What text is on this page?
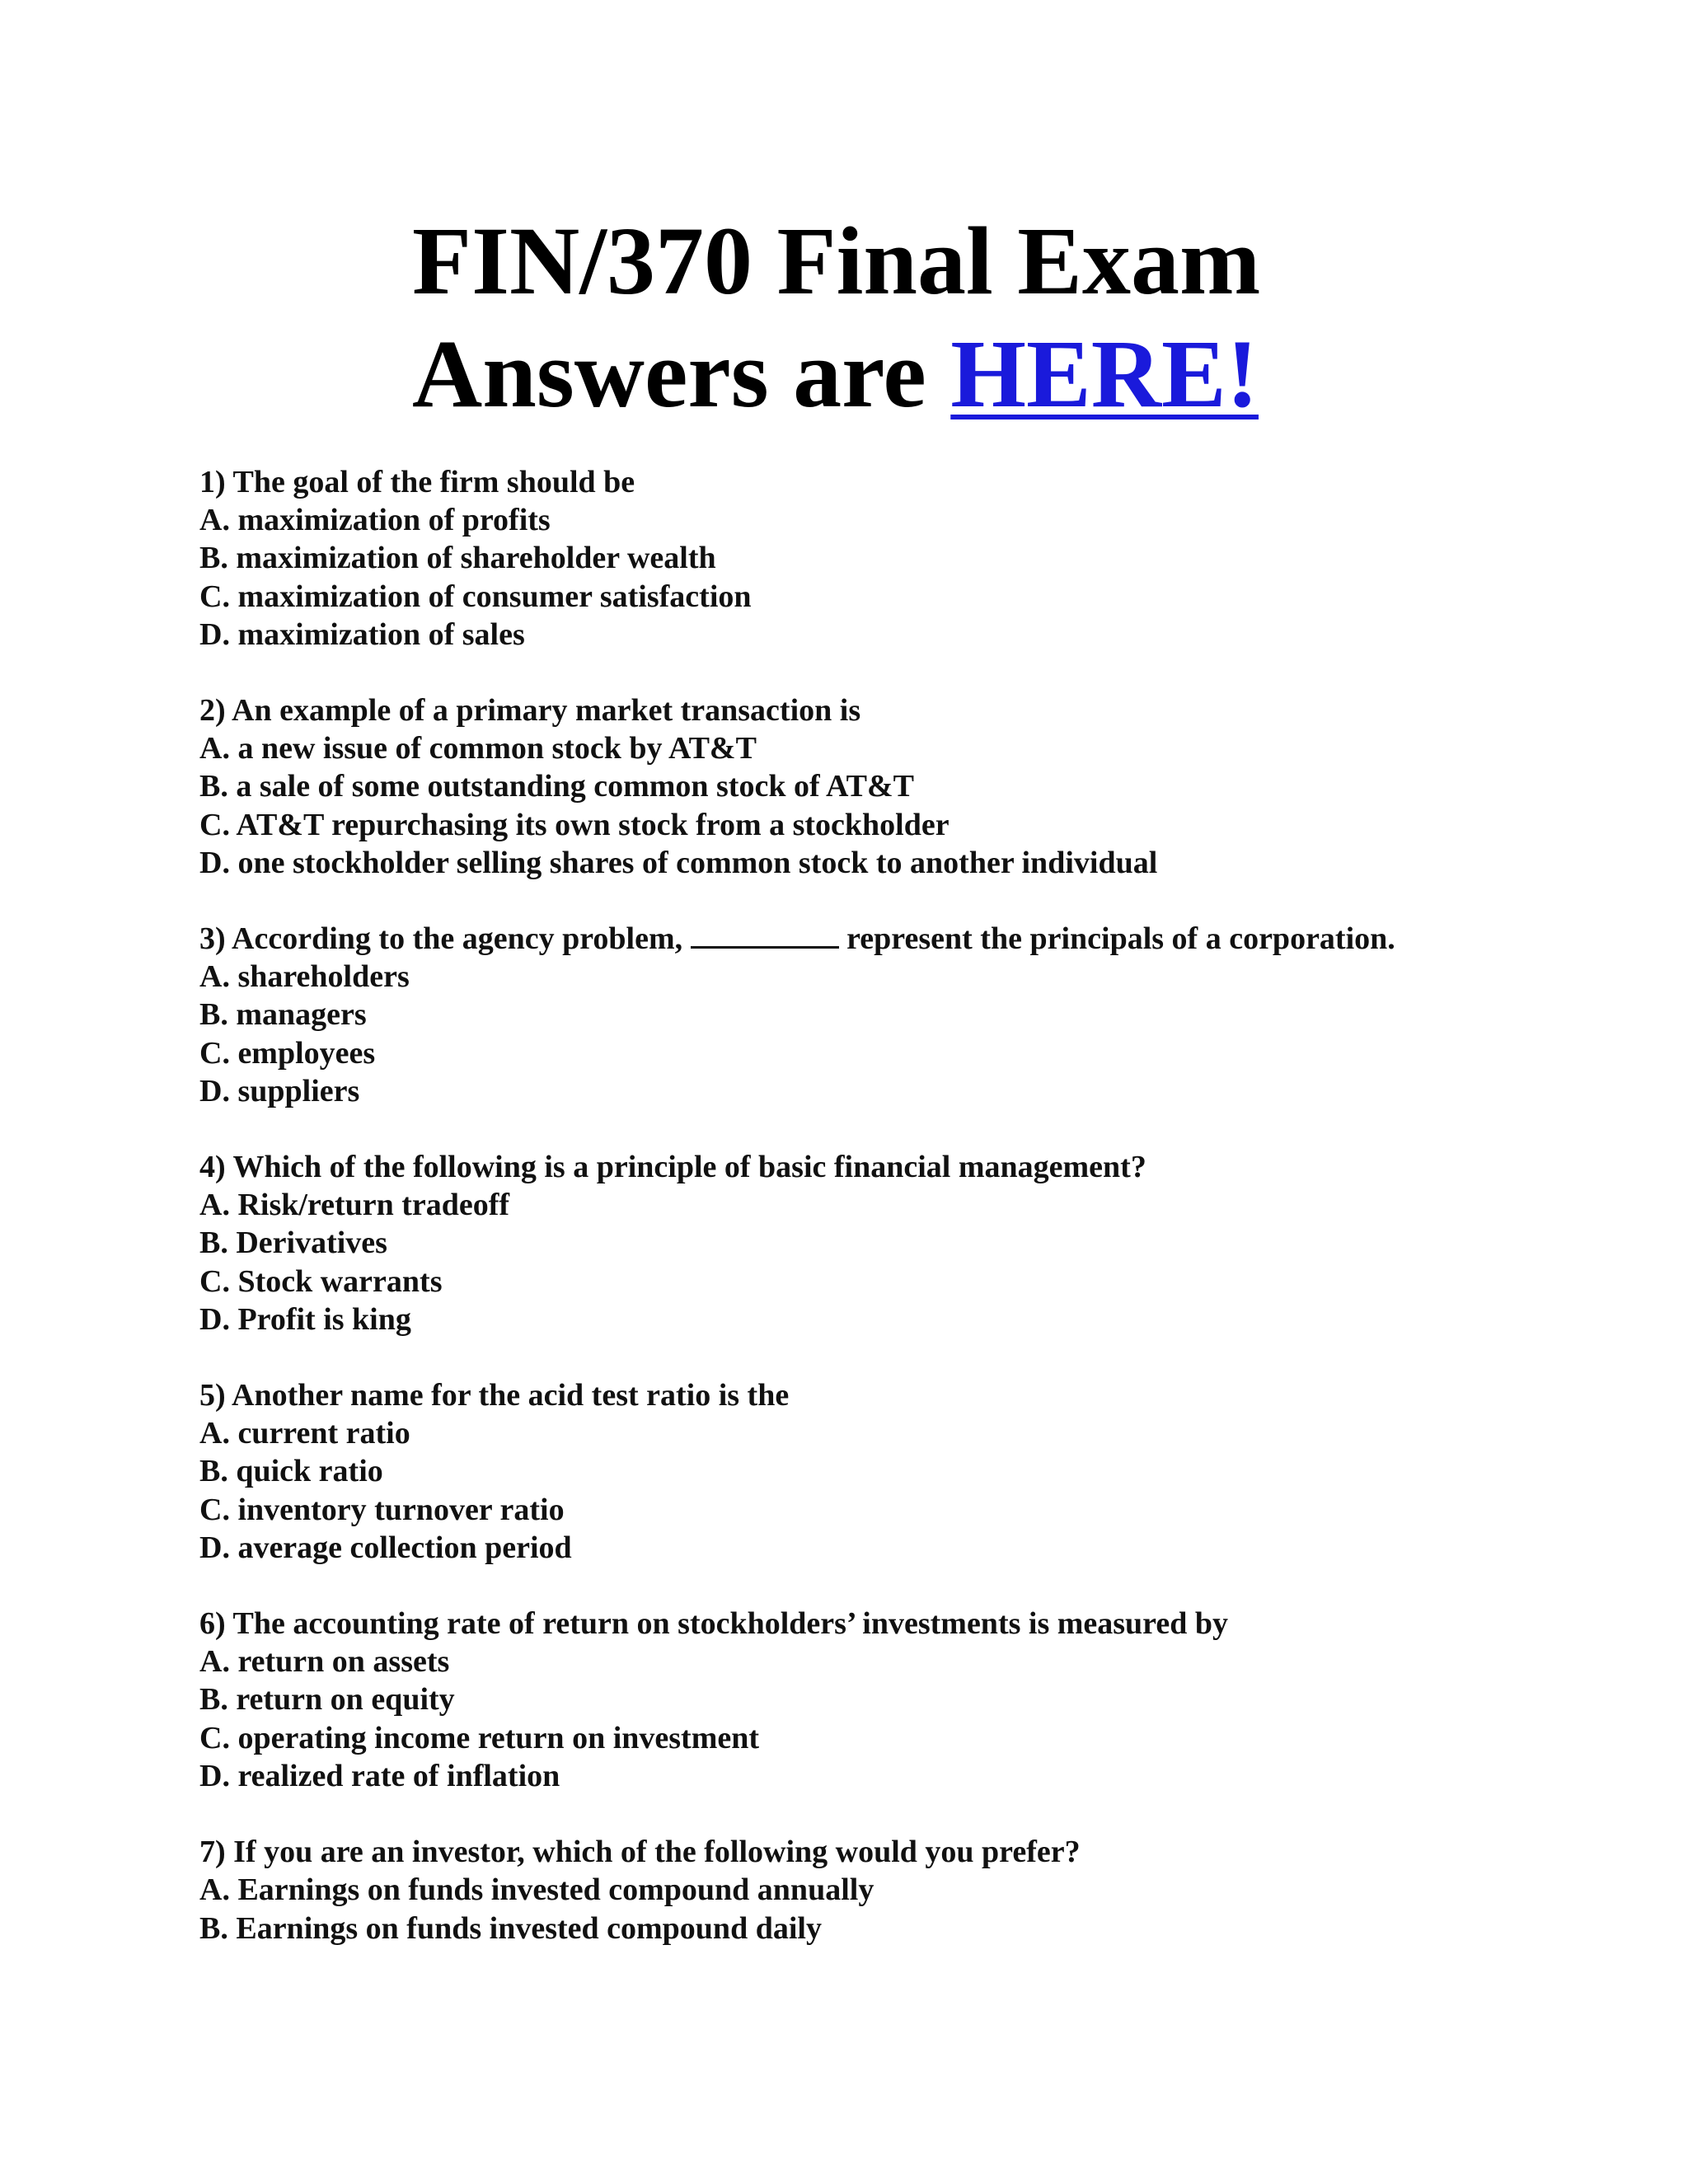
FIN/370 Final Exam
Answers are HERE!
1) The goal of the firm should be
A. maximization of profits
B. maximization of shareholder wealth
C. maximization of consumer satisfaction
D. maximization of sales
2) An example of a primary market transaction is
A. a new issue of common stock by AT&T
B. a sale of some outstanding common stock of AT&T
C. AT&T repurchasing its own stock from a stockholder
D. one stockholder selling shares of common stock to another individual
3) According to the agency problem,	represent the principals of a corporation.
A. shareholders
B. managers
C. employees
D. suppliers
4) Which of the following is a principle of basic financial management?
A. Risk/return tradeoff
B. Derivatives
C. Stock warrants
D. Profit is king
5) Another name for the acid test ratio is the
A. current ratio
B. quick ratio
C. inventory turnover ratio
D. average collection period
6) The accounting rate of return on stockholders’ investments is measured by
A. return on assets
B. return on equity
C. operating income return on investment
D. realized rate of inflation
7) If you are an investor, which of the following would you prefer?
A. Earnings on funds invested compound annually
B. Earnings on funds invested compound daily
